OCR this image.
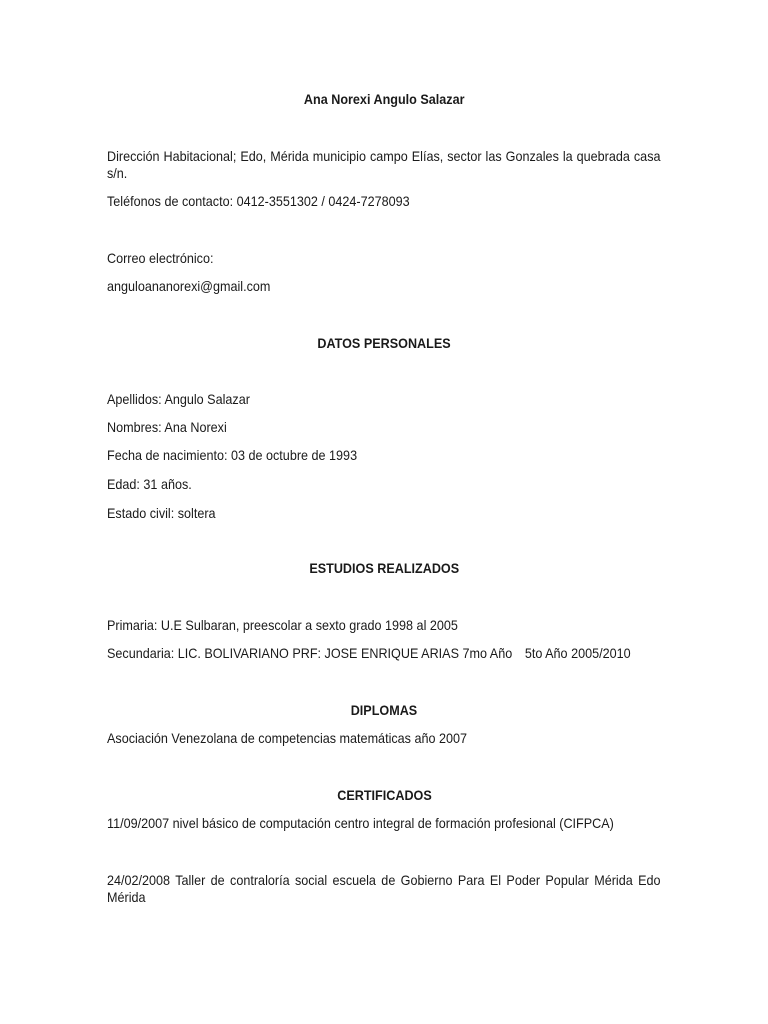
Ana Norexi Angulo Salazar
Dirección Habitacional; Edo, Mérida municipio campo Elías, sector las Gonzales la quebrada casa s/n.
Teléfonos de contacto: 0412-3551302 / 0424-7278093
Correo electrónico:
anguloananorexi@gmail.com
DATOS PERSONALES
Apellidos: Angulo Salazar
Nombres: Ana Norexi
Fecha de nacimiento: 03 de octubre de 1993
Edad: 31 años.
Estado civil: soltera
ESTUDIOS REALIZADOS
Primaria: U.E Sulbaran, preescolar a sexto grado 1998 al 2005
Secundaria: LIC. BOLIVARIANO PRF: JOSE ENRIQUE ARIAS 7mo Año 5to Año 2005/2010
DIPLOMAS
Asociación Venezolana de competencias matemáticas año 2007
CERTIFICADOS
11/09/2007 nivel básico de computación centro integral de formación profesional (CIFPCA)
24/02/2008 Taller de contraloría social escuela de Gobierno Para El Poder Popular Mérida Edo Mérida
